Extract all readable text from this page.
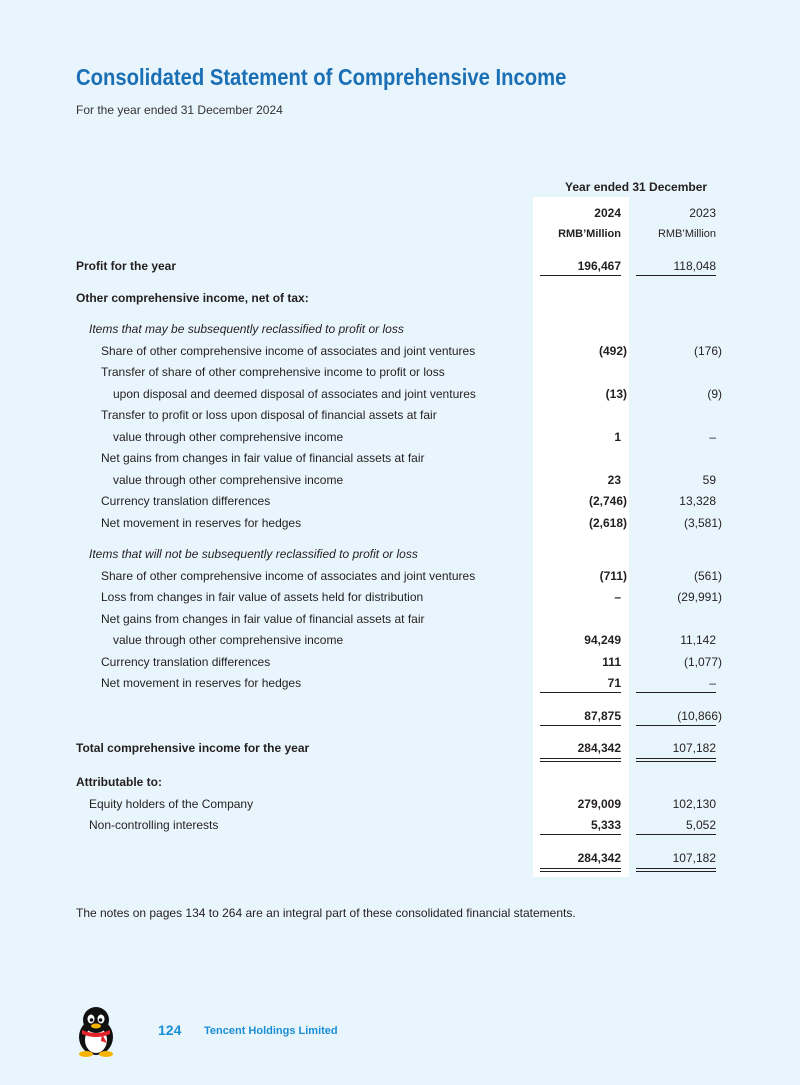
Consolidated Statement of Comprehensive Income
For the year ended 31 December 2024
Year ended 31 December
2024	2023
RMB’Million	RMB’Million
Profit for the year	196,467	118,048
Other comprehensive income, net of tax:
Items that may be subsequently reclassified to profit or loss
Share of other comprehensive income of associates and joint ventures	(492)	(176)
Transfer of share of other comprehensive income to profit or loss
upon disposal and deemed disposal of associates and joint ventures	(13)	(9)
Transfer to profit or loss upon disposal of financial assets at fair
value through other comprehensive income	1	–
Net gains from changes in fair value of financial assets at fair
value through other comprehensive income	23	59
Currency translation differences	(2,746)	13,328
Net movement in reserves for hedges	(2,618)	(3,581)
Items that will not be subsequently reclassified to profit or loss
Share of other comprehensive income of associates and joint ventures	(711)	(561)
Loss from changes in fair value of assets held for distribution	–	(29,991)
Net gains from changes in fair value of financial assets at fair
value through other comprehensive income	94,249	11,142
Currency translation differences	111	(1,077)
Net movement in reserves for hedges	71	–
87,875	(10,866)
Total comprehensive income for the year	284,342	107,182
Attributable to:
Equity holders of the Company	279,009	102,130
Non-controlling interests	5,333	5,052
284,342	107,182
The notes on pages 134 to 264 are an integral part of these consolidated financial statements.
124 Tencent Holdings Limited
